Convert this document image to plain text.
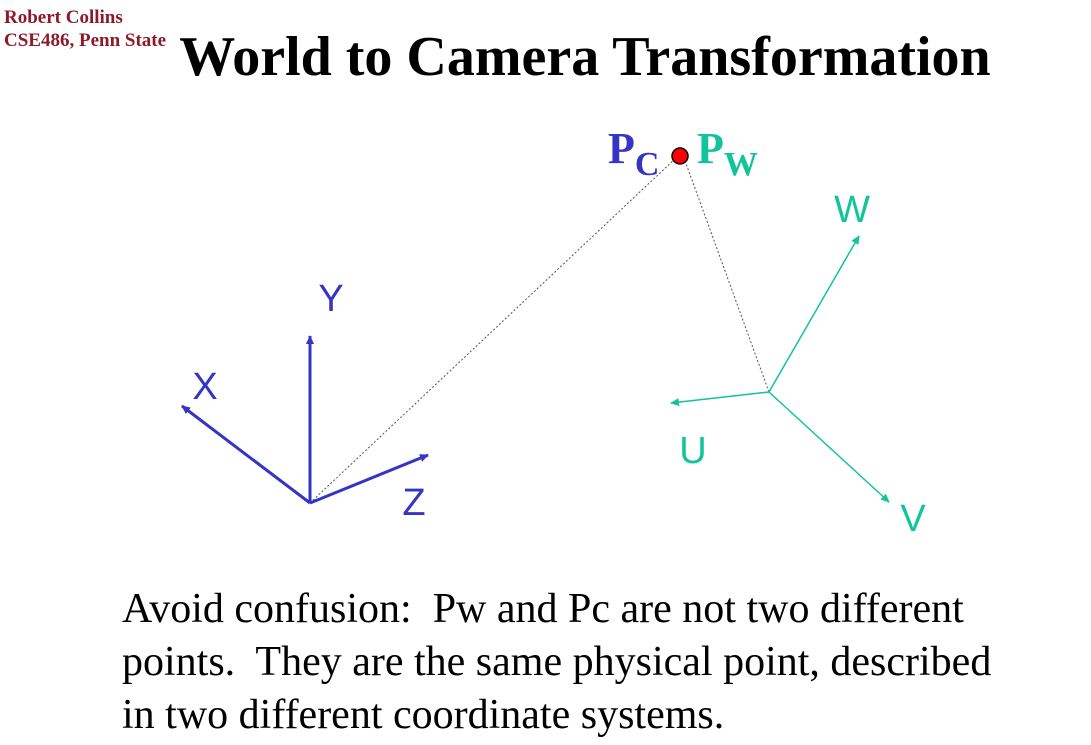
Robert Collins
CSE486, Penn State World to Camera Transformation
Y
X
Z
W
U
V
PC PW
Avoid confusion:  Pw and Pc are not two different
points.  They are the same physical point, described
in two different coordinate systems.
